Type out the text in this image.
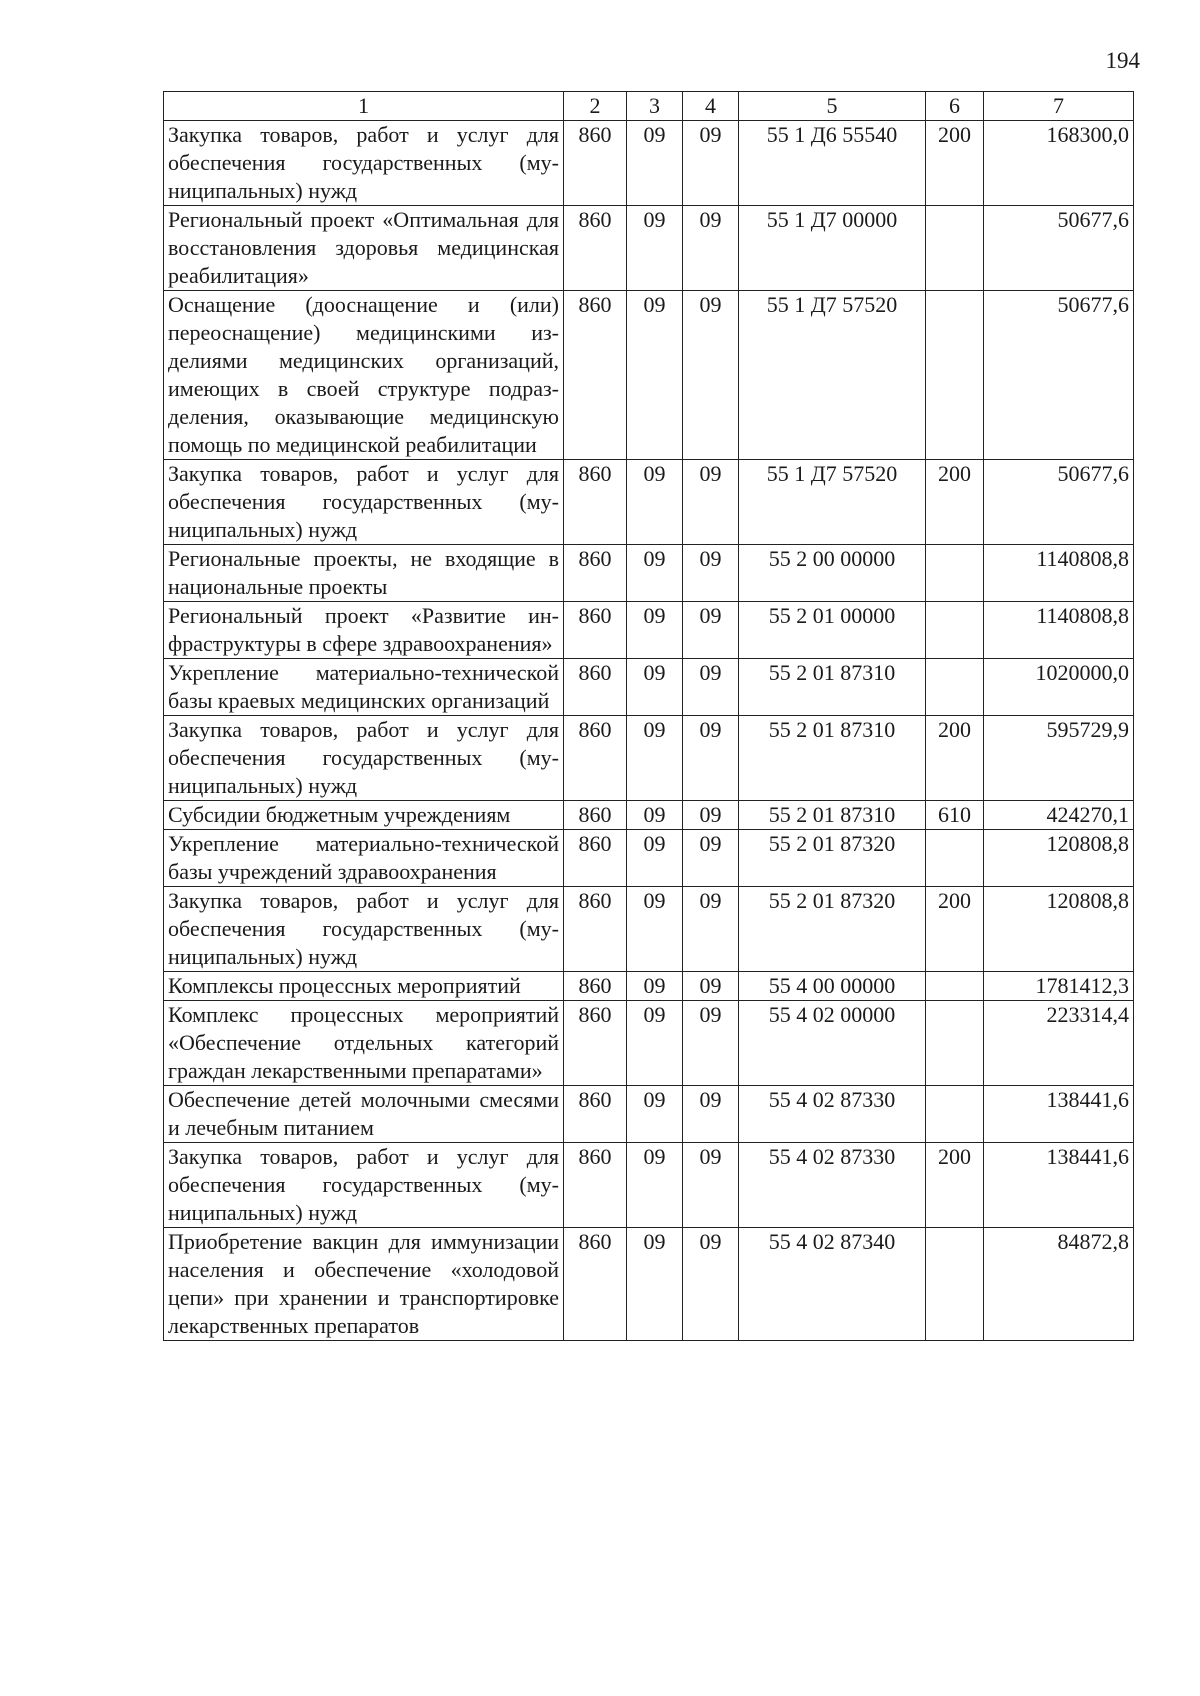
194
1	2	3	4	5	6	7
Закупка товаров, работ и услуг для обеспечения государственных (муниципальных) нужд	860	09	09	55 1 Д6 55540	200	168300,0
Региональный проект «Оптимальная для восстановления здоровья медицинская реабилитация»	860	09	09	55 1 Д7 00000		50677,6
Оснащение (дооснащение и (или) переоснащение) медицинскими изделиями медицинских организаций, имеющих в своей структуре подразделения, оказывающие медицинскую помощь по медицинской реабилитации	860	09	09	55 1 Д7 57520		50677,6
Закупка товаров, работ и услуг для обеспечения государственных (муниципальных) нужд	860	09	09	55 1 Д7 57520	200	50677,6
Региональные проекты, не входящие в национальные проекты	860	09	09	55 2 00 00000		1140808,8
Региональный проект «Развитие инфраструктуры в сфере здравоохранения»	860	09	09	55 2 01 00000		1140808,8
Укрепление материально-технической базы краевых медицинских организаций	860	09	09	55 2 01 87310		1020000,0
Закупка товаров, работ и услуг для обеспечения государственных (муниципальных) нужд	860	09	09	55 2 01 87310	200	595729,9
Субсидии бюджетным учреждениям	860	09	09	55 2 01 87310	610	424270,1
Укрепление материально-технической базы учреждений здравоохранения	860	09	09	55 2 01 87320		120808,8
Закупка товаров, работ и услуг для обеспечения государственных (муниципальных) нужд	860	09	09	55 2 01 87320	200	120808,8
Комплексы процессных мероприятий	860	09	09	55 4 00 00000		1781412,3
Комплекс процессных мероприятий «Обеспечение отдельных категорий граждан лекарственными препаратами»	860	09	09	55 4 02 00000		223314,4
Обеспечение детей молочными смесями и лечебным питанием	860	09	09	55 4 02 87330		138441,6
Закупка товаров, работ и услуг для обеспечения государственных (муниципальных) нужд	860	09	09	55 4 02 87330	200	138441,6
Приобретение вакцин для иммунизации населения и обеспечение «холодовой цепи» при хранении и транспортировке лекарственных препаратов	860	09	09	55 4 02 87340		84872,8
